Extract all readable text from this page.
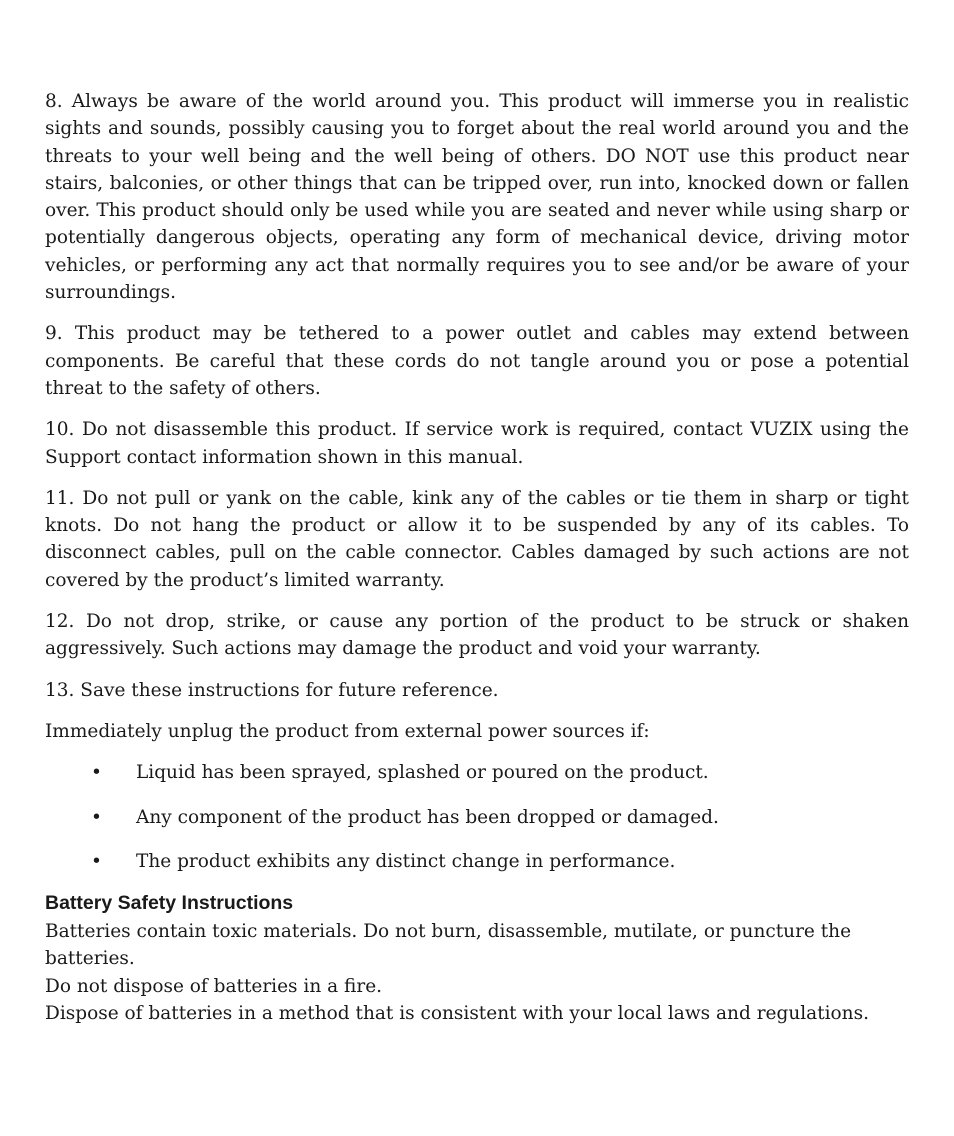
8. Always be aware of the world around you. This product will immerse you in realistic sights and sounds, possibly causing you to forget about the real world around you and the threats to your well being and the well being of others. DO NOT use this product near stairs, balconies, or other things that can be tripped over, run into, knocked down or fallen over. This product should only be used while you are seated and never while using sharp or potentially dangerous objects, operating any form of mechanical device, driving motor vehicles, or performing any act that normally requires you to see and/or be aware of your surroundings.

9. This product may be tethered to a power outlet and cables may extend between components. Be careful that these cords do not tangle around you or pose a potential threat to the safety of others.

10. Do not disassemble this product. If service work is required, contact VUZIX using the Support contact information shown in this manual.

11. Do not pull or yank on the cable, kink any of the cables or tie them in sharp or tight knots. Do not hang the product or allow it to be suspended by any of its cables. To disconnect cables, pull on the cable connector. Cables damaged by such actions are not covered by the product’s limited warranty.

12. Do not drop, strike, or cause any portion of the product to be struck or shaken aggressively. Such actions may damage the product and void your warranty.

13. Save these instructions for future reference.

Immediately unplug the product from external power sources if:

• Liquid has been sprayed, splashed or poured on the product.
• Any component of the product has been dropped or damaged.
• The product exhibits any distinct change in performance.
Battery Safety Instructions

Batteries contain toxic materials. Do not burn, disassemble, mutilate, or puncture the batteries.

Do not dispose of batteries in a fire.

Dispose of batteries in a method that is consistent with your local laws and regulations.
